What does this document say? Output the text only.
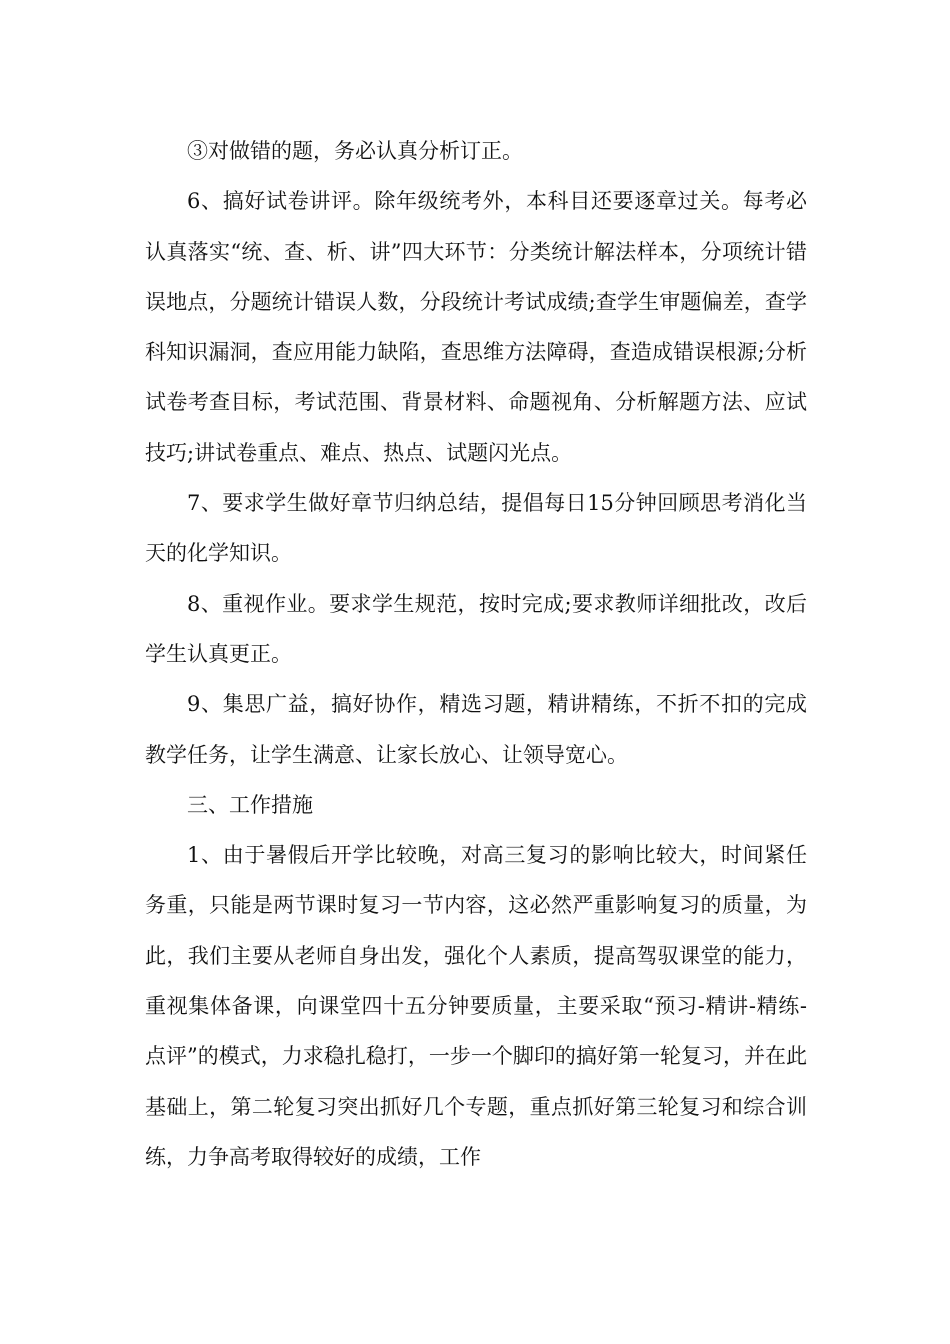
③对做错的题，务必认真分析订正。

6、搞好试卷讲评。除年级统考外，本科目还要逐章过关。每考必认真落实“统、查、析、讲”四大环节：分类统计解法样本，分项统计错误地点，分题统计错误人数，分段统计考试成绩;查学生审题偏差，查学科知识漏洞，查应用能力缺陷，查思维方法障碍，查造成错误根源;分析试卷考查目标，考试范围、背景材料、命题视角、分析解题方法、应试技巧;讲试卷重点、难点、热点、试题闪光点。

7、要求学生做好章节归纳总结，提倡每日15分钟回顾思考消化当天的化学知识。

8、重视作业。要求学生规范，按时完成;要求教师详细批改，改后学生认真更正。

9、集思广益，搞好协作，精选习题，精讲精练，不折不扣的完成教学任务，让学生满意、让家长放心、让领导宽心。

三、工作措施

1、由于暑假后开学比较晚，对高三复习的影响比较大，时间紧任务重，只能是两节课时复习一节内容，这必然严重影响复习的质量，为此，我们主要从老师自身出发，强化个人素质，提高驾驭课堂的能力，重视集体备课，向课堂四十五分钟要质量，主要采取“预习-精讲-精练-点评”的模式，力求稳扎稳打，一步一个脚印的搞好第一轮复习，并在此基础上，第二轮复习突出抓好几个专题，重点抓好第三轮复习和综合训练，力争高考取得较好的成绩，工作
